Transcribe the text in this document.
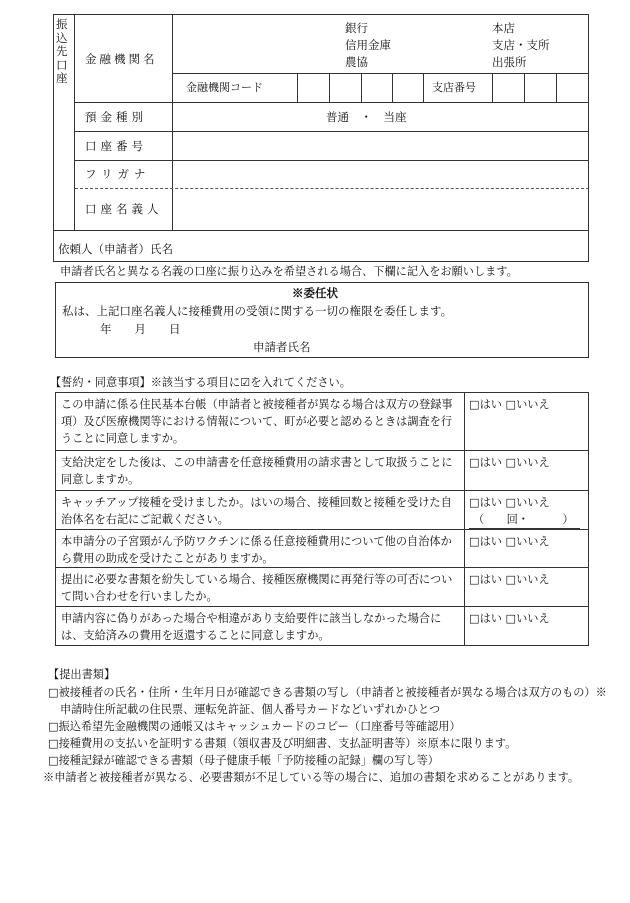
振込先口座
金融機関名
銀行
信用金庫
農協
本店
支店・支所
出張所
金融機関コード	支店番号
預金種別	普通　・　当座
口座番号
フリガナ
口座名義人
依頼人（申請者）氏名

申請者氏名と異なる名義の口座に振り込みを希望される場合、下欄に記入をお願いします。

※委任状
私は、上記口座名義人に接種費用の受領に関する一切の権限を委任します。
年　　月　　日
申請者氏名

【誓約・同意事項】※該当する項目に☑を入れてください。

この申請に係る住民基本台帳（申請者と被接種者が異なる場合は双方の登録事項）及び医療機関等における情報について、町が必要と認めるときは調査を行うことに同意しますか。
□はい □いいえ
支給決定をした後は、この申請書を任意接種費用の請求書として取扱うことに同意しますか。
□はい □いいえ
キャッチアップ接種を受けましたか。はいの場合、接種回数と接種を受けた自治体名を右記にご記載ください。
□はい □いいえ
（　　回・　　　）
本申請分の子宮頸がん予防ワクチンに係る任意接種費用について他の自治体から費用の助成を受けたことがありますか。
□はい □いいえ
提出に必要な書類を紛失している場合、接種医療機関に再発行等の可否について問い合わせを行いましたか。
□はい □いいえ
申請内容に偽りがあった場合や相違があり支給要件に該当しなかった場合には、支給済みの費用を返還することに同意しますか。
□はい □いいえ

【提出書類】

□被接種者の氏名・住所・生年月日が確認できる書類の写し（申請者と被接種者が異なる場合は双方のもの）※申請時住所記載の住民票、運転免許証、個人番号カードなどいずれかひとつ

□振込希望先金融機関の通帳又はキャッシュカードのコピー（口座番号等確認用）

□接種費用の支払いを証明する書類（領収書及び明細書、支払証明書等）※原本に限ります。

□接種記録が確認できる書類（母子健康手帳「予防接種の記録」欄の写し等）

※申請者と被接種者が異なる、必要書類が不足している等の場合に、追加の書類を求めることがあります。
